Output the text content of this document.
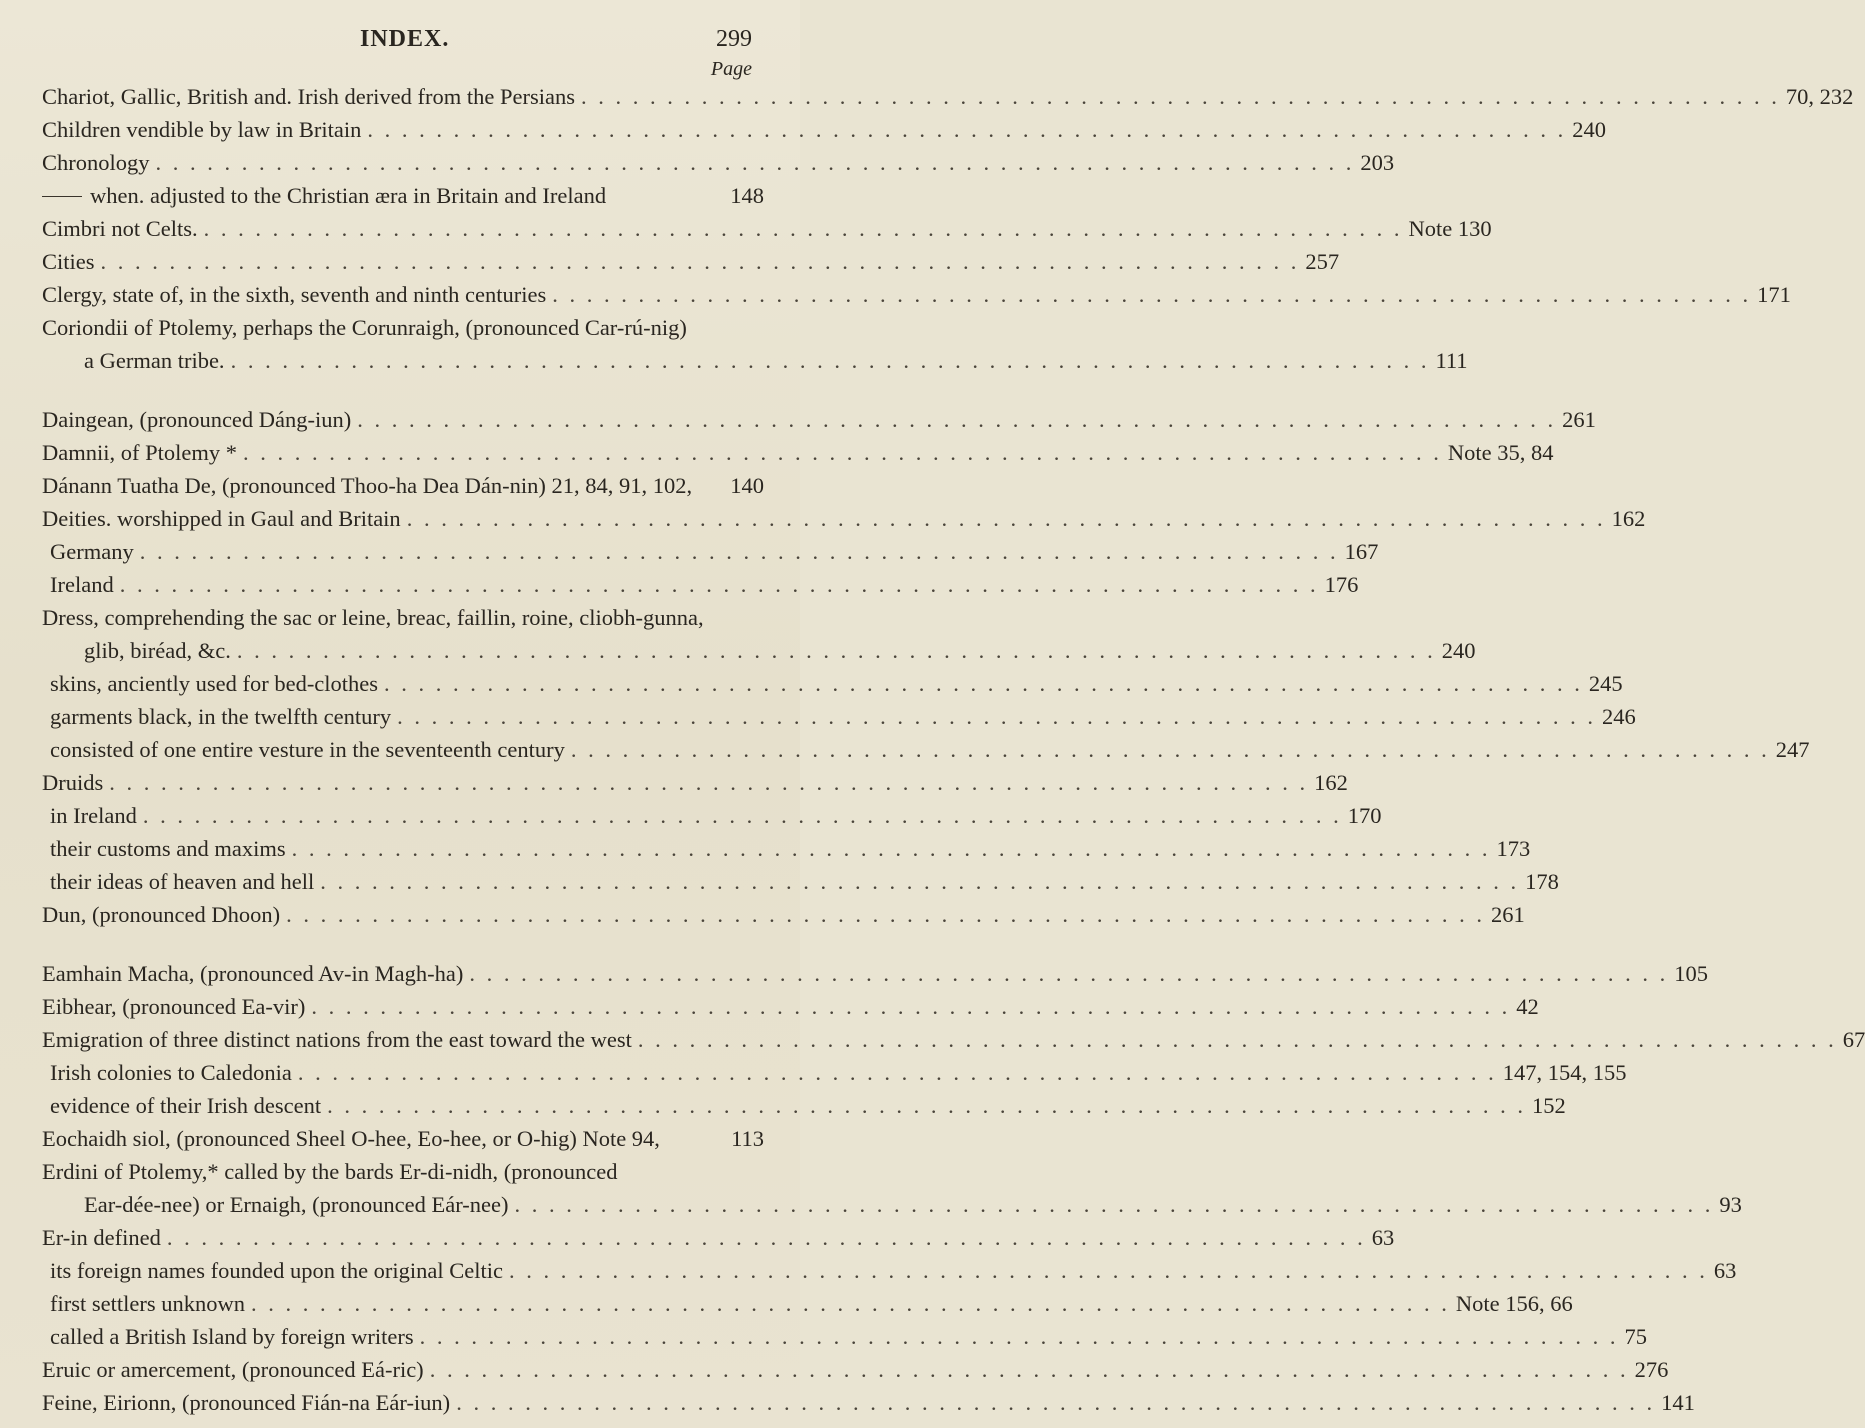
INDEX.	299
Page
Chariot, Gallic, British and. Irish derived from the Persians . . .	70, 232
Children vendible by law in Britain . . .	240
Chronology . . .	203
when. adjusted to the Christian æra in Britain and Ireland	148
Cimbri not Celts. . . .	Note 130
Cities . . .	257
Clergy, state of, in the sixth, seventh and ninth centuries . . .	171
Coriondii of Ptolemy, perhaps the Corunraigh, (pronounced Car-rú-nig)
a German tribe. . . .	111
Daingean, (pronounced Dáng-iun) . . .	261
Damnii, of Ptolemy * . . .	Note 35, 84
Dánann Tuatha De, (pronounced Thoo-ha Dea Dán-nin) 21, 84, 91, 102, 140
Deities. worshipped in Gaul and Britain . . .	162
Germany . . .	167
Ireland . . .	176
Dress, comprehending the sac or leine, breac, faillin, roine, cliobh-gunna,
glib, biréad, &c. . . .	240
skins, anciently used for bed-clothes . . .	245
garments black, in the twelfth century . . .	246
consisted of one entire vesture in the seventeenth century . . .	247
Druids . . .	162
in Ireland . . .	170
their customs and maxims . . .	173
their ideas of heaven and hell . . .	178
Dun, (pronounced Dhoon) . . .	261
Eamhain Macha, (pronounced Av-in Magh-ha) . . .	105
Eibhear, (pronounced Ea-vir) . . .	42
Emigration of three distinct nations from the east toward the west . . .	67
Irish colonies to Caledonia . . .	147, 154, 155
evidence of their Irish descent . . .	152
Eochaidh siol, (pronounced Sheel O-hee, Eo-hee, or O-hig) Note 94,	113
Erdini of Ptolemy,* called by the bards Er-di-nidh, (pronounced
Ear-dée-nee) or Ernaigh, (pronounced Eár-nee) . . .	93
Er-in defined . . .	63
its foreign names founded upon the original Celtic . . .	63
first settlers unknown . . .	Note 156, 66
called a British Island by foreign writers . . .	75
Eruic or amercement, (pronounced Eá-ric) . . .	276
Feine, Eirionn, (pronounced Fián-na Eár-iun) . . .	141
